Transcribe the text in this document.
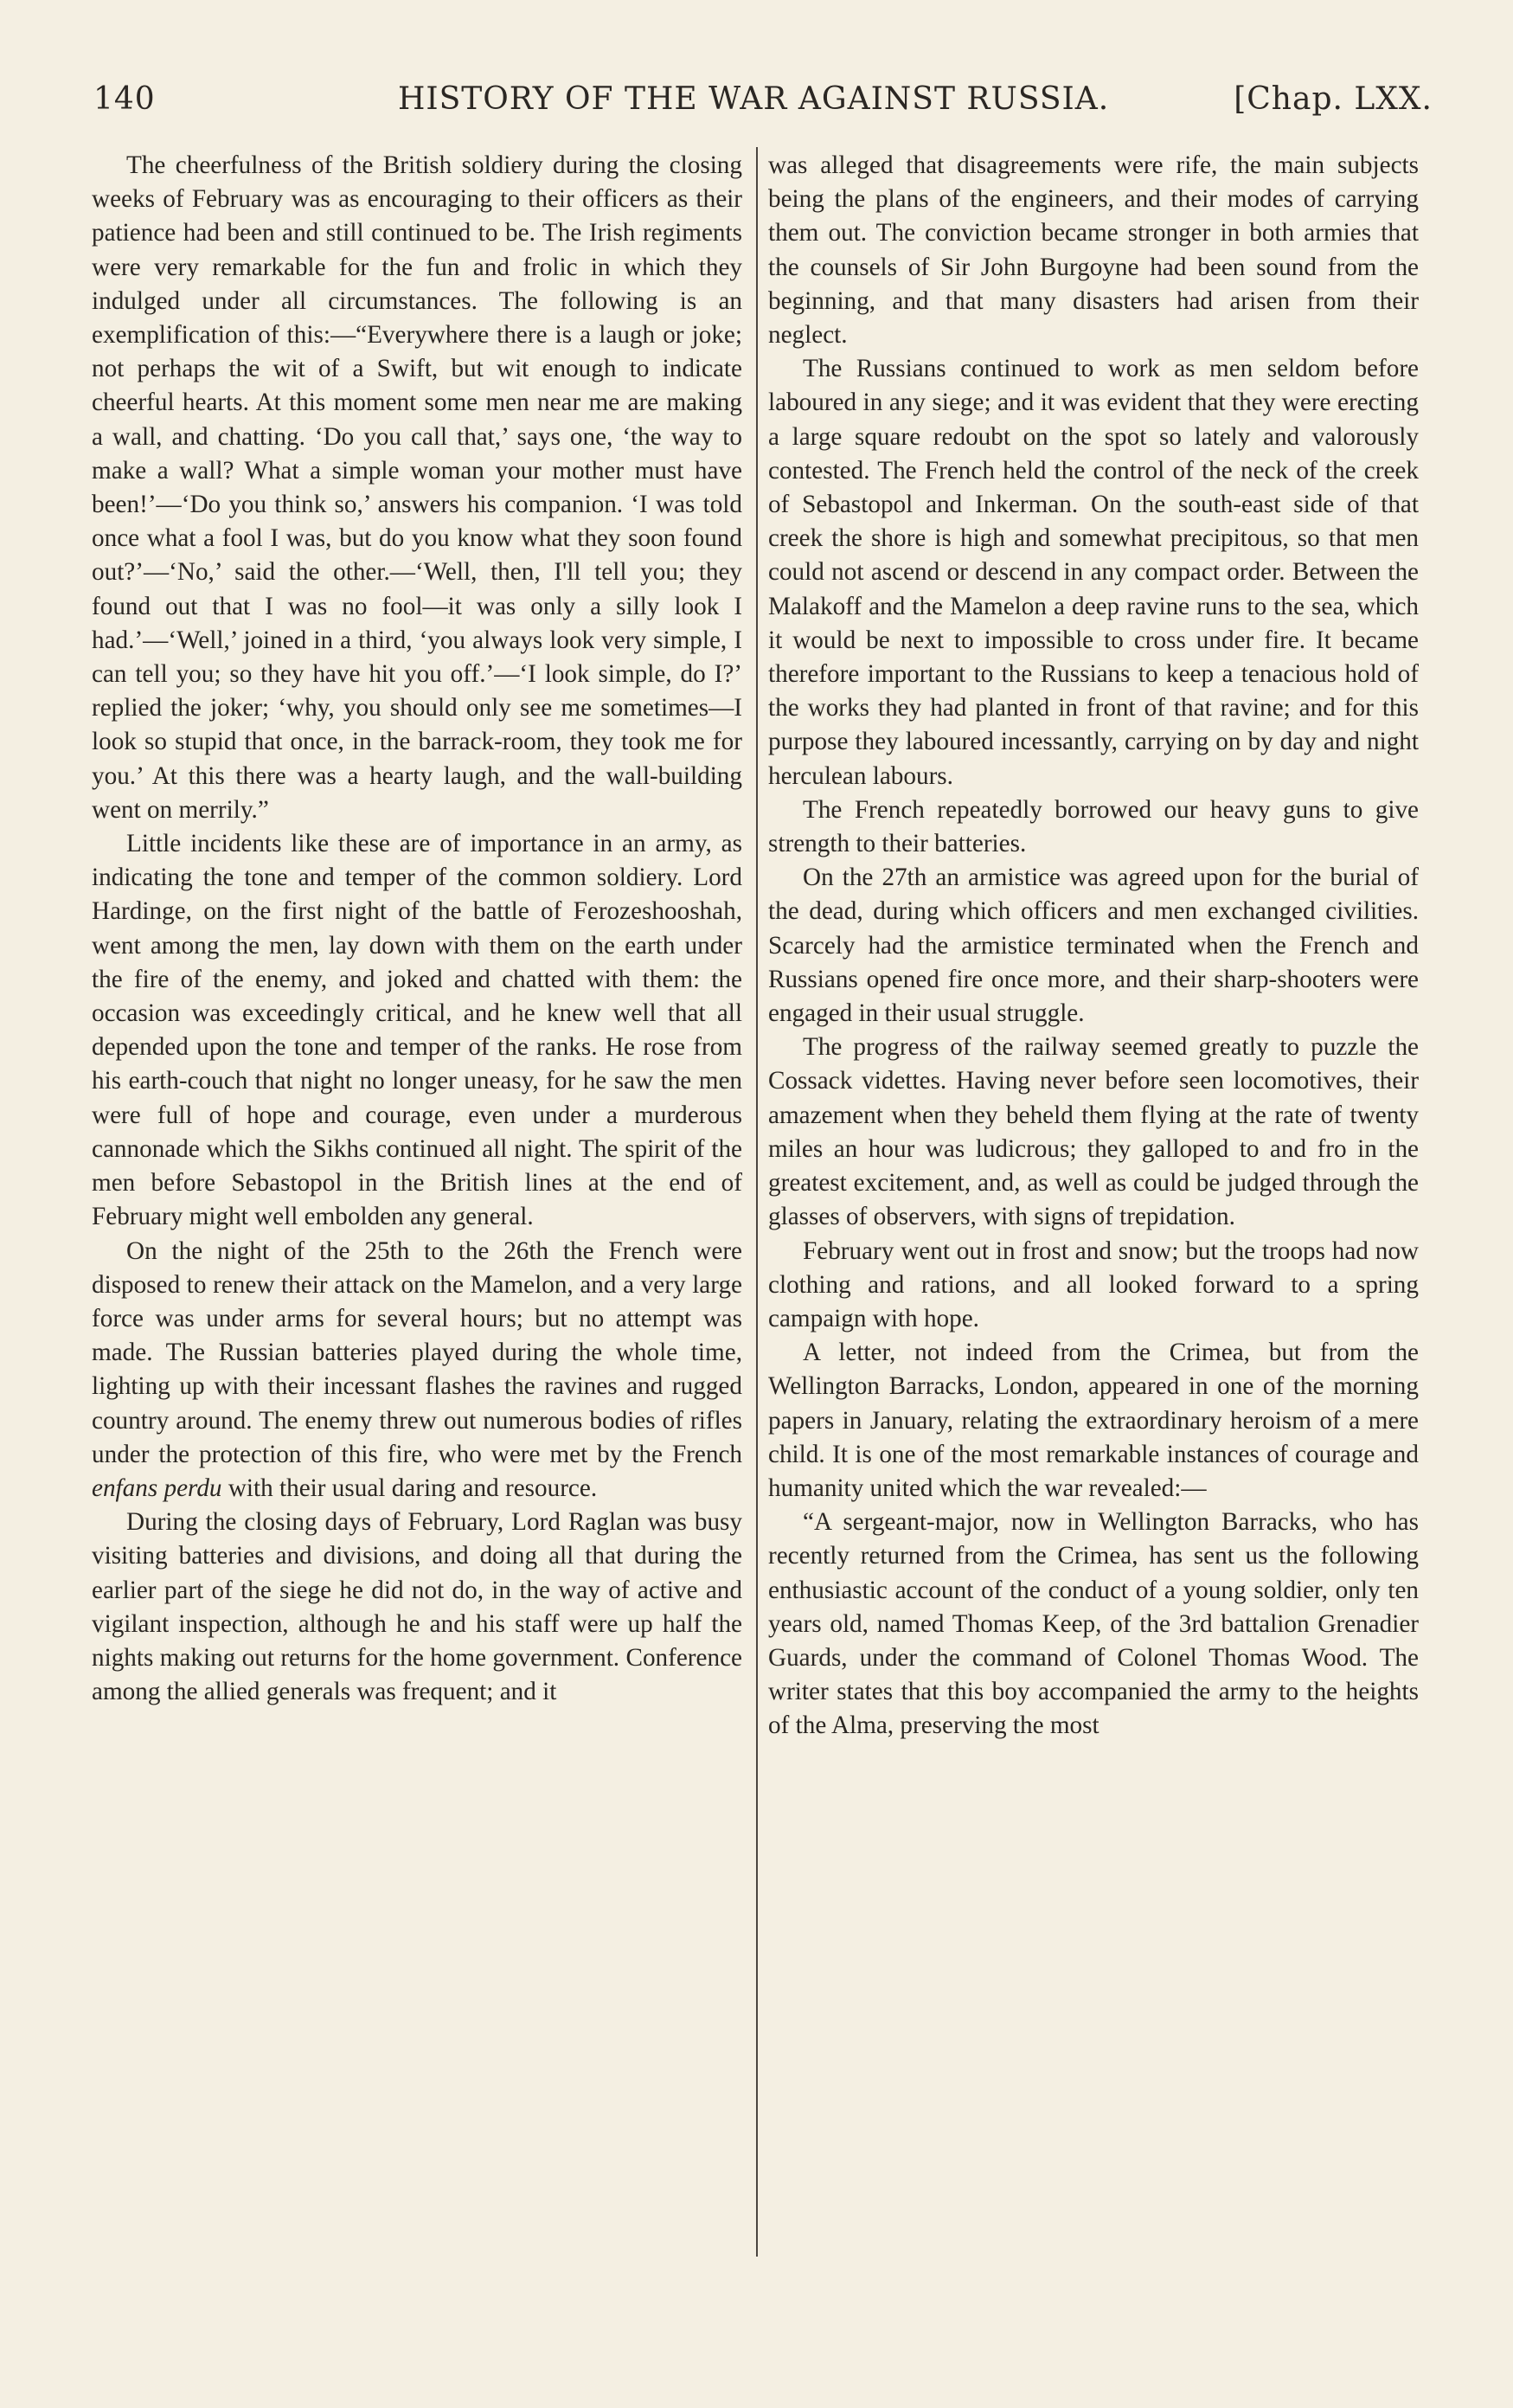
140	HISTORY OF THE WAR AGAINST RUSSIA.	[Chap. LXX.

The cheerfulness of the British soldiery during the closing weeks of February was as encouraging to their officers as their patience had been and still continued to be. The Irish regiments were very remarkable for the fun and frolic in which they indulged under all circumstances. The following is an exemplification of this:—“Everywhere there is a laugh or joke; not perhaps the wit of a Swift, but wit enough to indicate cheerful hearts. At this moment some men near me are making a wall, and chatting. ‘Do you call that,’ says one, ‘the way to make a wall? What a simple woman your mother must have been!’—‘Do you think so,’ answers his companion. ‘I was told once what a fool I was, but do you know what they soon found out?’—‘No,’ said the other.—‘Well, then, I'll tell you; they found out that I was no fool—it was only a silly look I had.’—‘Well,’ joined in a third, ‘you always look very simple, I can tell you; so they have hit you off.’—‘I look simple, do I?’ replied the joker; ‘why, you should only see me sometimes—I look so stupid that once, in the barrack-room, they took me for you.’ At this there was a hearty laugh, and the wall-building went on merrily.”

Little incidents like these are of importance in an army, as indicating the tone and temper of the common soldiery. Lord Hardinge, on the first night of the battle of Ferozeshooshah, went among the men, lay down with them on the earth under the fire of the enemy, and joked and chatted with them: the occasion was exceedingly critical, and he knew well that all depended upon the tone and temper of the ranks. He rose from his earth-couch that night no longer uneasy, for he saw the men were full of hope and courage, even under a murderous cannonade which the Sikhs continued all night. The spirit of the men before Sebastopol in the British lines at the end of February might well embolden any general.

On the night of the 25th to the 26th the French were disposed to renew their attack on the Mamelon, and a very large force was under arms for several hours; but no attempt was made. The Russian batteries played during the whole time, lighting up with their incessant flashes the ravines and rugged country around. The enemy threw out numerous bodies of rifles under the protection of this fire, who were met by the French enfans perdu with their usual daring and resource.

During the closing days of February, Lord Raglan was busy visiting batteries and divisions, and doing all that during the earlier part of the siege he did not do, in the way of active and vigilant inspection, although he and his staff were up half the nights making out returns for the home government. Conference among the allied generals was frequent; and it

was alleged that disagreements were rife, the main subjects being the plans of the engineers, and their modes of carrying them out. The conviction became stronger in both armies that the counsels of Sir John Burgoyne had been sound from the beginning, and that many disasters had arisen from their neglect.

The Russians continued to work as men seldom before laboured in any siege; and it was evident that they were erecting a large square redoubt on the spot so lately and valorously contested. The French held the control of the neck of the creek of Sebastopol and Inkerman. On the south-east side of that creek the shore is high and somewhat precipitous, so that men could not ascend or descend in any compact order. Between the Malakoff and the Mamelon a deep ravine runs to the sea, which it would be next to impossible to cross under fire. It became therefore important to the Russians to keep a tenacious hold of the works they had planted in front of that ravine; and for this purpose they laboured incessantly, carrying on by day and night herculean labours.

The French repeatedly borrowed our heavy guns to give strength to their batteries.

On the 27th an armistice was agreed upon for the burial of the dead, during which officers and men exchanged civilities. Scarcely had the armistice terminated when the French and Russians opened fire once more, and their sharp-shooters were engaged in their usual struggle.

The progress of the railway seemed greatly to puzzle the Cossack videttes. Having never before seen locomotives, their amazement when they beheld them flying at the rate of twenty miles an hour was ludicrous; they galloped to and fro in the greatest excitement, and, as well as could be judged through the glasses of observers, with signs of trepidation.

February went out in frost and snow; but the troops had now clothing and rations, and all looked forward to a spring campaign with hope.

A letter, not indeed from the Crimea, but from the Wellington Barracks, London, appeared in one of the morning papers in January, relating the extraordinary heroism of a mere child. It is one of the most remarkable instances of courage and humanity united which the war revealed:—

“A sergeant-major, now in Wellington Barracks, who has recently returned from the Crimea, has sent us the following enthusiastic account of the conduct of a young soldier, only ten years old, named Thomas Keep, of the 3rd battalion Grenadier Guards, under the command of Colonel Thomas Wood. The writer states that this boy accompanied the army to the heights of the Alma, preserving the most
